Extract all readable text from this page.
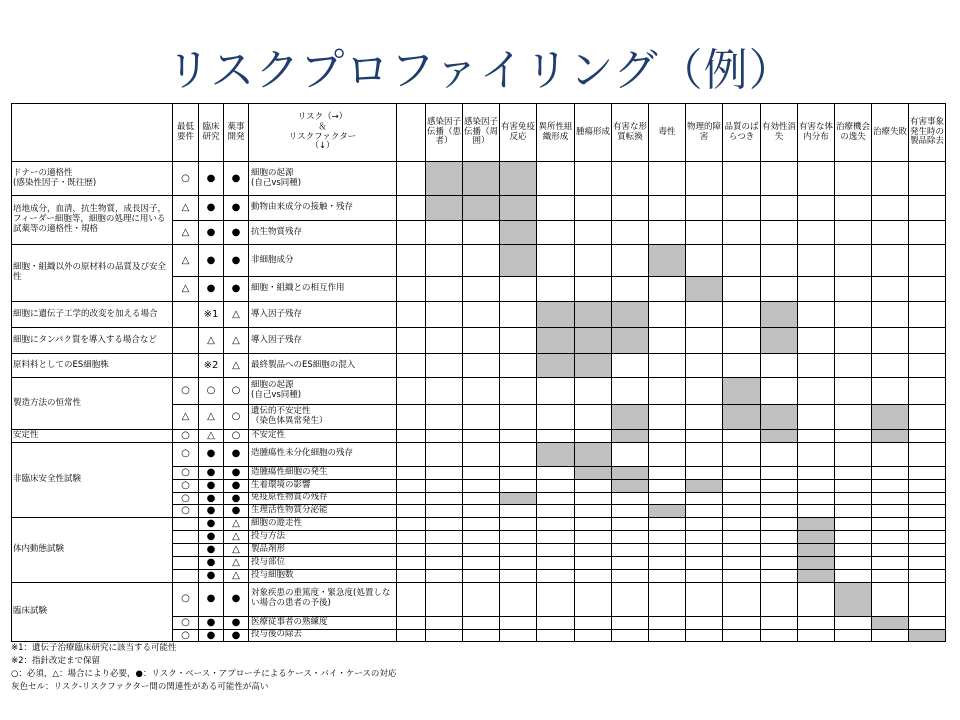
リスクプロファイリング（例）
	最低要件	臨床研究	薬事開発	リスク（→）
＆
リスクファクター
（↓）		感染因子伝播（患者）	感染因子伝播（周囲）	有害免疫反応	異所性組織形成	腫瘍形成	有害な形質転換	毒性	物理的障害	品質のばらつき	有効性消失	有害な体内分布	治療機会の逸失	治療失敗	有害事象発生時の製品除去
ドナーの適格性
(感染性因子・既往歴)	○	●	●	細胞の起源
(自己vs同種)															
培地成分，血清，抗生物質，成長因子，フィーダー細胞等，細胞の処理に用いる試薬等の適格性・規格	△	●	●	動物由来成分の接触・残存															
	△	●	●	抗生物質残存															
細胞・組織以外の原材料の品質及び安全性	△	●	●	非細胞成分															
	△	●	●	細胞・組織との相互作用															
細胞に遺伝子工学的改変を加える場合		※1	△	導入因子残存															
細胞にタンパク質を導入する場合など		△	△	導入因子残存															
原料料としてのES細胞株		※2	△	最終製品へのES細胞の混入															
製造方法の恒常性	○	○	○	細胞の起源
(自己vs同種)															
	△	△	○	遺伝的不安定性
（染色体異常発生）															
安定性	○	△	○	不安定性															
非臨床安全性試験	○	●	●	造腫瘍性未分化細胞の残存															
	○	●	●	造腫瘍性細胞の発生															
	○	●	●	生着環境の影響															
	○	●	●	免疫原性物質の残存															
	○	●	●	生理活性物質分泌能															
体内動態試験		●	△	細胞の遊走性															
		●	△	投与方法															
		●	△	製品剤形															
		●	△	投与部位															
		●	△	投与細胞数															
臨床試験	○	●	●	対象疾患の重篤度・緊急度(処置しない場合の患者の予後)															
	○	●	●	医療従事者の熟練度															
	○	●	●	投与後の除去															
※1：遺伝子治療臨床研究に該当する可能性
※2：指針改定まで保留
○：必須，△：場合により必要，●：リスク・ベース・アプローチによるケース・バイ・ケースの対応
灰色セル：リスク-リスクファクター間の関連性がある可能性が高い
